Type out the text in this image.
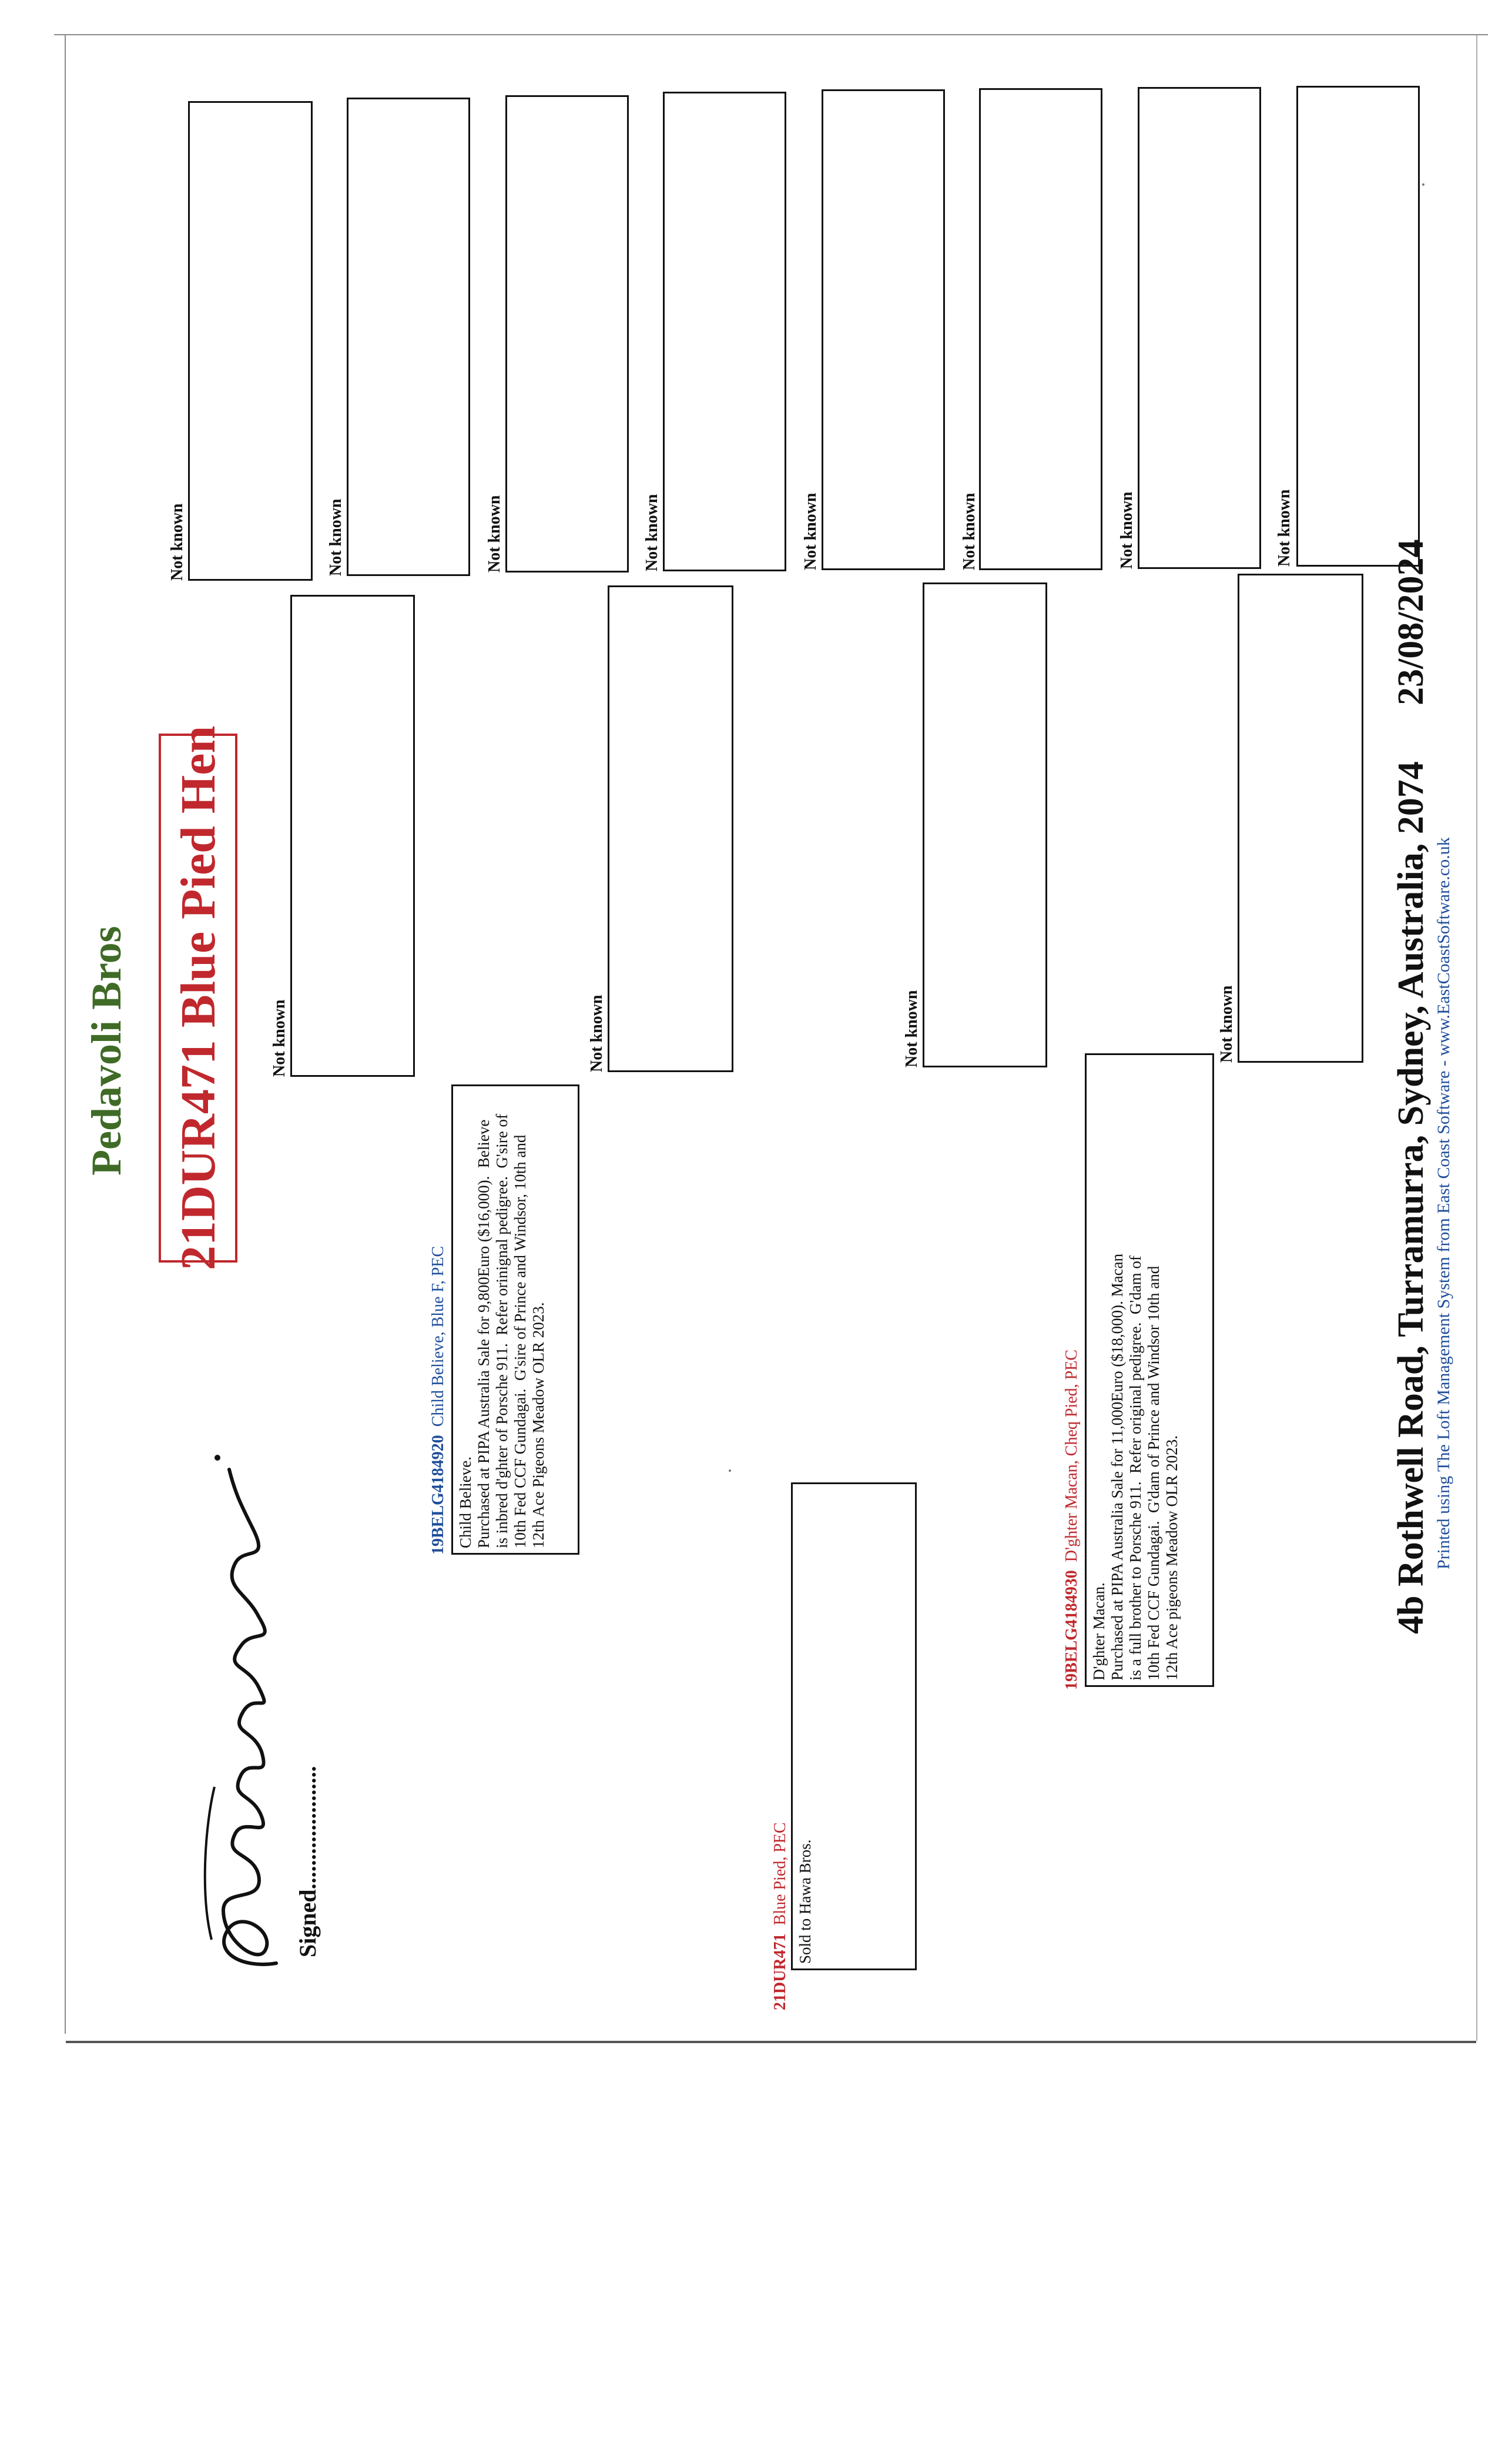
Pedavoli Bros 21DUR471 Blue Pied Hen
21DUR471  Blue Pied, PEC Sold to Hawa Bros.
19BELG4184920  Child Believe, Blue F, PEC
Child Believe.
Purchased at PIPA Australia Sale for 9,800Euro ($16,000).  Believe
is inbred d'ghter of Porsche 911.  Refer orinignal pedigree.  G'sire of
10th Fed CCF Gundagai.  G'sire of Prince and Windsor, 10th and
12th Ace Pigeons Meadow OLR 2023.
19BELG4184930  D'ghter Macan, Cheq Pied, PEC
D'ghter Macan.
Purchased at PIPA Australia Sale for 11,000Euro ($18,000). Macan
is a full brother to Porsche 911.  Refer original pedigree.  G'dam of
10th Fed CCF Gundagai.  G'dam of Prince and Windsor 10th and
12th Ace pigeons Meadow OLR 2023.
Not known	Not known	Not known	Not known
Not known	Not known	Not known	Not known	Not known	Not known	Not known	Not known
Signed.....................
4b Rothwell Road, Turramurra, Sydney, Australia, 2074
23/08/2024
Printed using The Loft Management System from East Coast Software - www.EastCoastSoftware.co.uk
